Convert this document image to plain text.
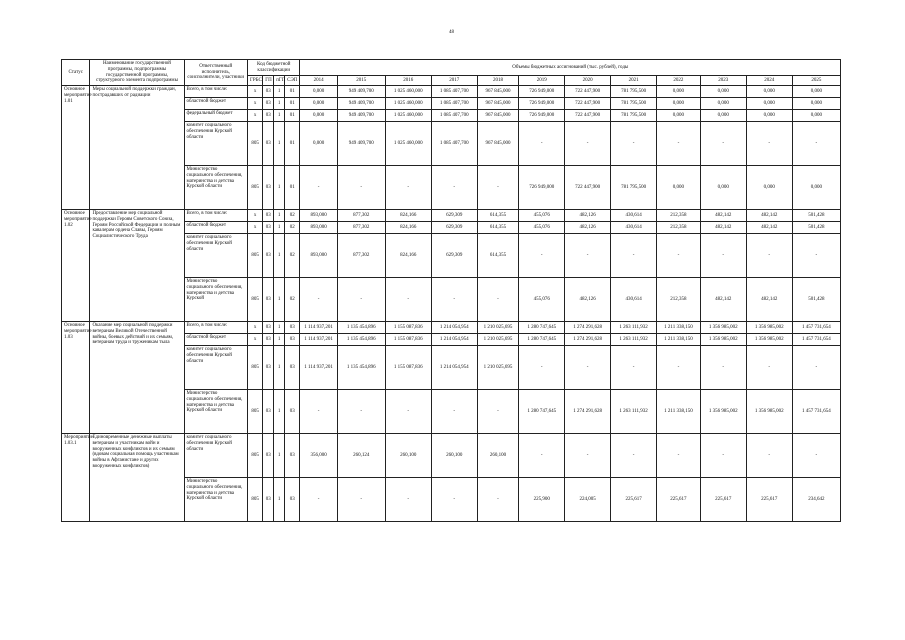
48
Статус	Наименование государственной программы, подпрограммы государственной программы, структурного элемента подпрограммы	Ответственный исполнитель, соисполнители, участники	Код бюджетной классификации				Объемы бюджетных ассигнований (тыс. рублей), годы											
			ГРБС	ГП	пГП	СЭП	2014	2015	2016	2017	2018	2019	2020	2021	2022	2023	2024	2025
Основное мероприятие 1.01	Меры социальной поддержки граждан, пострадавших от радиации	Всего, в том числе:	x	03	1	01	0,000	949 409,700	1 025 460,000	1 085 407,700	967 845,000	726 949,000	722 447,900	781 795,500	0,000	0,000	0,000	0,000
		областной бюджет	x	03	1	01	0,000	949 409,700	1 025 460,000	1 085 407,700	967 845,000	726 949,000	722 447,900	781 795,500	0,000	0,000	0,000	0,000
		федеральный бюджет	x	03	1	01	0,000	949 409,700	1 025 460,000	1 085 407,700	967 845,000	726 949,000	722 447,900	781 795,500	0,000	0,000	0,000	0,000
		комитет социального обеспечения Курской области	805	03	1	01	0,000	949 409,700	1 025 460,000	1 085 407,700	967 845,000	-	-	-	-	-	-	-
		Министерство социального обеспечения, материнства и детства Курской области	805	03	1	01	-	-	-	-	-	726 949,000	722 447,900	781 795,500	0,000	0,000	0,000	0,000
Основное мероприятие 1.02	Предоставление мер социальной поддержки Героям Советского Союза, Героям Российской Федерации и полным кавалерам ордена Славы, Героям Социалистического Труда	Всего, в том числе:	x	03	1	02	893,000	877,302	824,166	629,309	614,355	455,076	482,126	430,614	212,358	482,142	482,142	501,428
		областной бюджет	x	03	1	02	893,000	877,302	824,166	629,309	614,355	455,076	482,126	430,614	212,358	482,142	482,142	501,428
		комитет социального обеспечения Курской области	805	03	1	02	893,000	877,302	824,166	629,309	614,355	-	-	-	-	-	-	-
		Министерство социального обеспечения, материнства и детства Курской	805	03	1	02	-	-	-	-	-	455,076	482,126	430,614	212,358	482,142	482,142	501,428
Основное мероприятие 1.03	Оказание мер социальной поддержки ветеранам Великой Отечественной войны, боевых действий и их семьям, ветеранам труда и труженикам тыла	Всего, в том числе:	x	03	1	03	1 114 937,201	1 135 454,896	1 155 087,836	1 214 054,954	1 210 025,695	1 280 747,645	1 274 291,628	1 263 111,932	1 211 338,150	1 356 985,002	1 356 985,002	1 457 731,654
		областной бюджет	x	03	1	03	1 114 937,201	1 135 454,896	1 155 087,836	1 214 054,954	1 210 025,695	1 280 747,645	1 274 291,628	1 263 111,932	1 211 338,150	1 356 985,002	1 356 985,002	1 457 731,654
		комитет социального обеспечения Курской области	805	03	1	03	1 114 937,201	1 135 454,896	1 155 087,836	1 214 054,954	1 210 025,695	-	-	-	-	-	-	-
		Министерство социального обеспечения, материнства и детства Курской области	805	03	1	03	-	-	-	-	-	1 280 747,645	1 274 291,628	1 263 111,932	1 211 338,150	1 356 985,002	1 356 985,002	1 457 731,654
Мероприятие 1.03.1	Единовременные денежные выплаты ветеранам и участникам войн и вооруженных конфликтов и их семьям (вдовам социальная помощь участникам войны в Афганистане и других вооруженных конфликтов)	комитет социального обеспечения Курской области	805	03	1	03	356,000	260,124	260,100	260,100	260,100	-	-	-	-	-	-	-
		Министерство социального обеспечения, материнства и детства Курской области	805	03	1	03	-	-	-	-	-	225,900	224,005	225,617	225,617	225,617	225,617	234,642
